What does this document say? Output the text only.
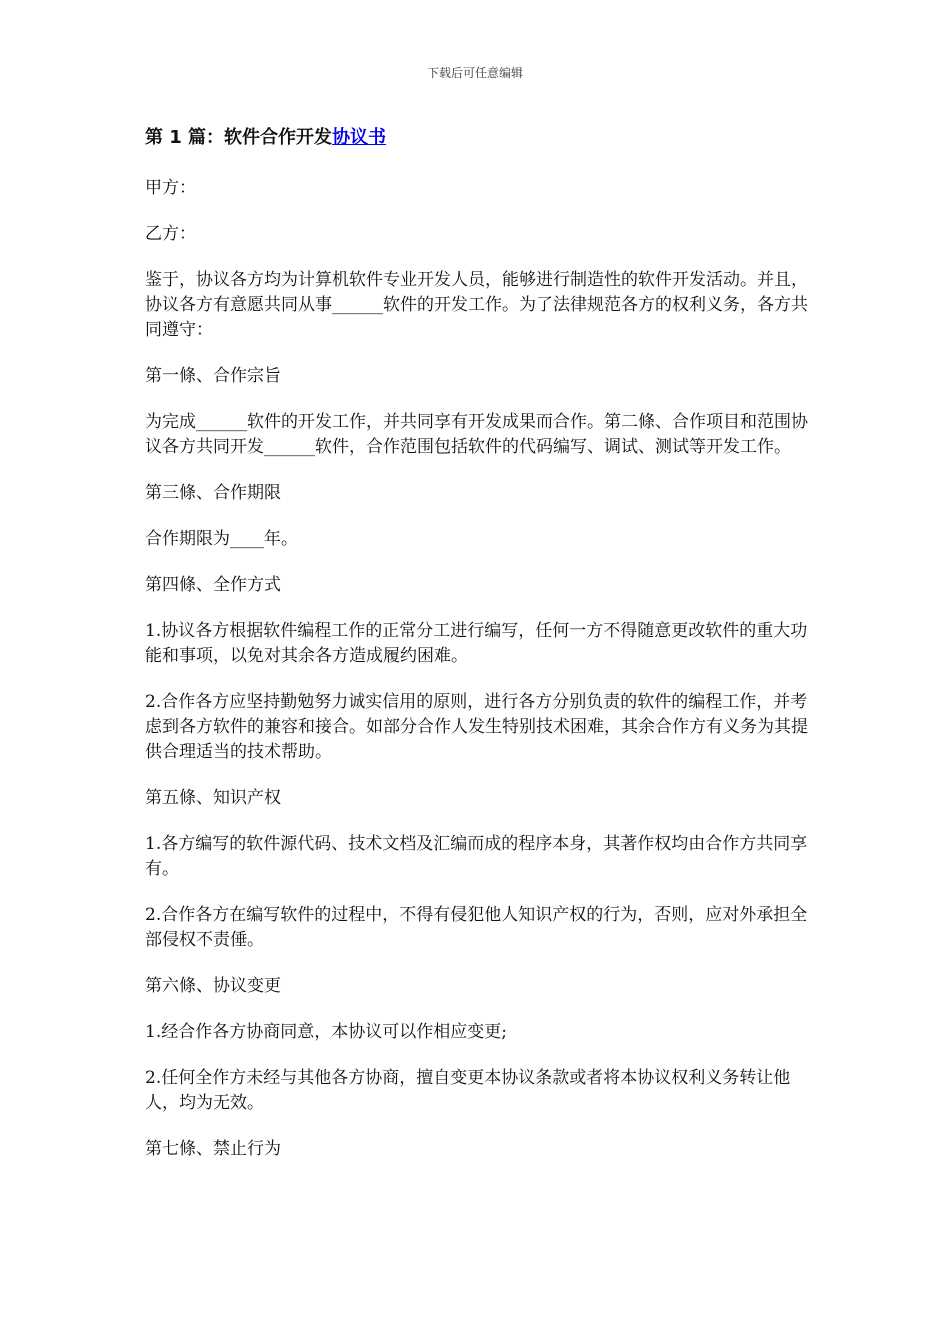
下载后可任意编辑
第 1 篇：软件合作开发协议书

甲方：

乙方：

鉴于，协议各方均为计算机软件专业开发人员，能够进行制造性的软件开发活动。并且，协议各方有意愿共同从事______软件的开发工作。为了法律规范各方的权利义务，各方共同遵守：

第一條、合作宗旨

为完成______软件的开发工作，并共同享有开发成果而合作。第二條、合作项目和范围协议各方共同开发______软件，合作范围包括软件的代码编写、调试、测试等开发工作。

第三條、合作期限

合作期限为____年。

第四條、全作方式

1.协议各方根据软件编程工作的正常分工进行编写，任何一方不得随意更改软件的重大功能和事项，以免对其余各方造成履约困难。

2.合作各方应坚持勤勉努力诚实信用的原则，进行各方分别负责的软件的编程工作，并考虑到各方软件的兼容和接合。如部分合作人发生特别技术困难，其余合作方有义务为其提供合理适当的技术帮助。

第五條、知识产权

1.各方编写的软件源代码、技术文档及汇编而成的程序本身，其著作权均由合作方共同享有。

2.合作各方在编写软件的过程中，不得有侵犯他人知识产权的行为，否则，应对外承担全部侵权不责倕。

第六條、协议变更

1.经合作各方协商同意，本协议可以作相应变更;

2.任何全作方未经与其他各方协商，擅自变更本协议条款或者将本协议权利义务转让他人，均为无效。

第七條、禁止行为
